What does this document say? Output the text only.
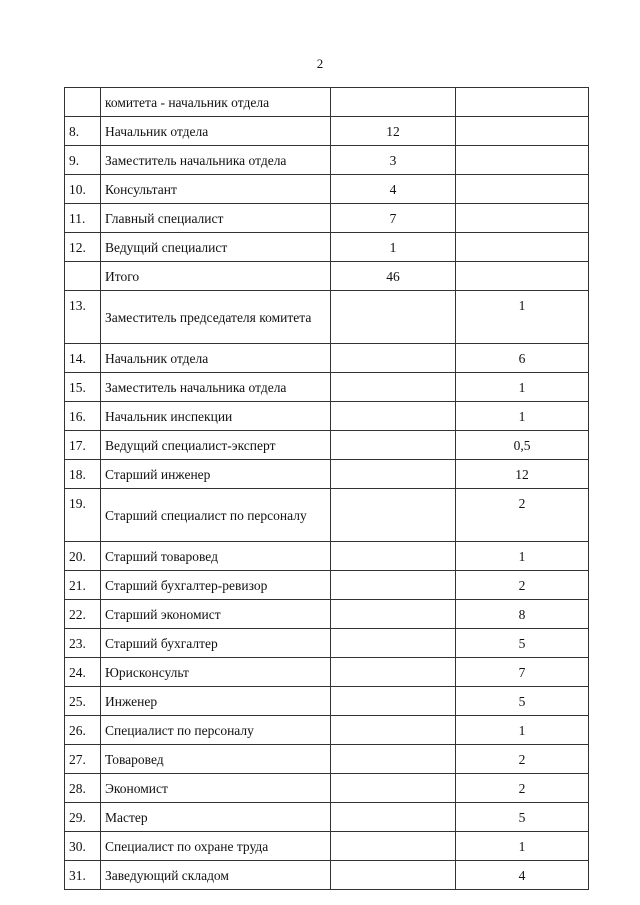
2
	комитета - начальник отдела		
8.	Начальник отдела	12	
9.	Заместитель начальника отдела	3	
10.	Консультант	4	
11.	Главный специалист	7	
12.	Ведущий специалист	1	
	Итого	46	
13.	Заместитель председателя комитета		1
14.	Начальник отдела		6
15.	Заместитель начальника отдела		1
16.	Начальник инспекции		1
17.	Ведущий специалист-эксперт		0,5
18.	Старший инженер		12
19.	Старший специалист по персоналу		2
20.	Старший товаровед		1
21.	Старший бухгалтер-ревизор		2
22.	Старший экономист		8
23.	Старший бухгалтер		5
24.	Юрисконсульт		7
25.	Инженер		5
26.	Специалист по персоналу		1
27.	Товаровед		2
28.	Экономист		2
29.	Мастер		5
30.	Специалист по охране труда		1
31.	Заведующий складом		4
